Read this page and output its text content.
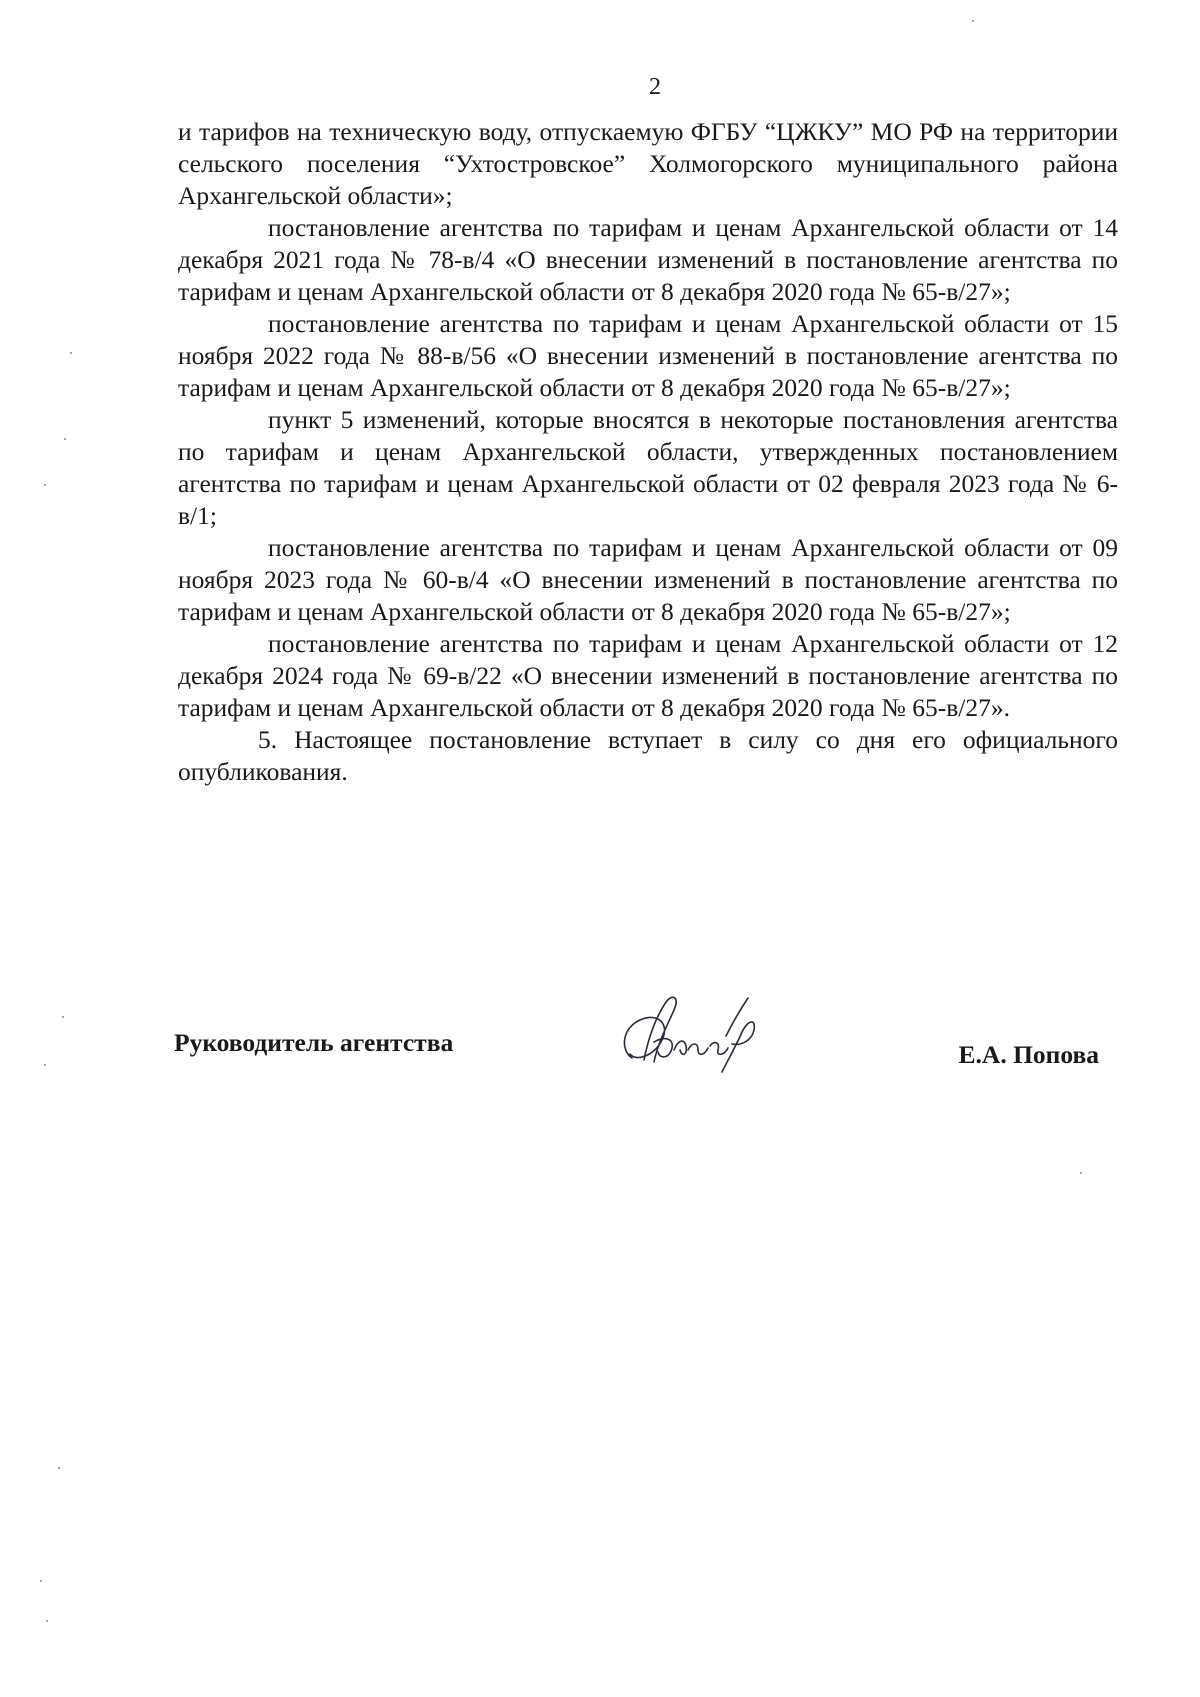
2

и тарифов на техническую воду, отпускаемую ФГБУ “ЦЖКУ” МО РФ на территории сельского поселения “Ухтостровское” Холмогорского муниципального района Архангельской области»;

постановление агентства по тарифам и ценам Архангельской области от 14 декабря 2021 года № 78-в/4 «О внесении изменений в постановление агентства по тарифам и ценам Архангельской области от 8 декабря 2020 года № 65-в/27»;

постановление агентства по тарифам и ценам Архангельской области от 15 ноября 2022 года № 88-в/56 «О внесении изменений в постановление агентства по тарифам и ценам Архангельской области от 8 декабря 2020 года № 65-в/27»;

пункт 5 изменений, которые вносятся в некоторые постановления агентства по тарифам и ценам Архангельской области, утвержденных постановлением агентства по тарифам и ценам Архангельской области от 02 февраля 2023 года № 6-в/1;

постановление агентства по тарифам и ценам Архангельской области от 09 ноября 2023 года № 60-в/4 «О внесении изменений в постановление агентства по тарифам и ценам Архангельской области от 8 декабря 2020 года № 65-в/27»;

постановление агентства по тарифам и ценам Архангельской области от 12 декабря 2024 года № 69-в/22 «О внесении изменений в постановление агентства по тарифам и ценам Архангельской области от 8 декабря 2020 года № 65-в/27».

5. Настоящее постановление вступает в силу со дня его официального опубликования.

Руководитель агентства	Е.А. Попова
